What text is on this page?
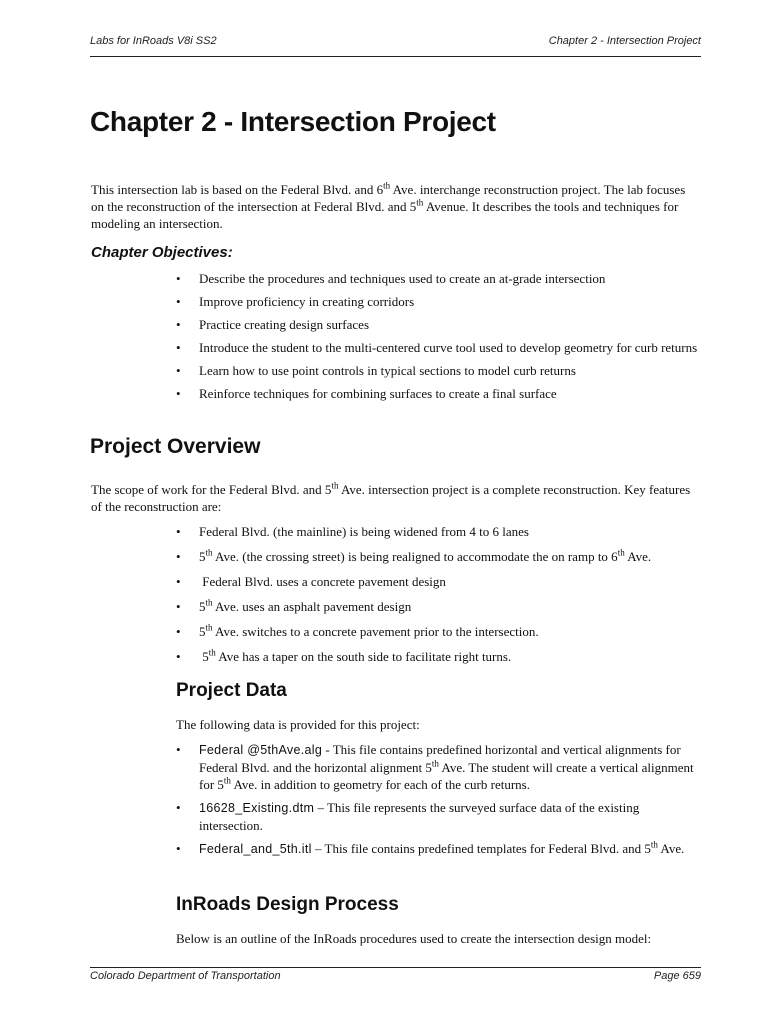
Labs for InRoads V8i SS2	Chapter 2 - Intersection Project
Chapter 2 - Intersection Project

This intersection lab is based on the Federal Blvd. and 6th Ave. interchange reconstruction project. The lab focuses on the reconstruction of the intersection at Federal Blvd. and 5th Avenue. It describes the tools and techniques for modeling an intersection.

Chapter Objectives:
• Describe the procedures and techniques used to create an at-grade intersection
• Improve proficiency in creating corridors
• Practice creating design surfaces
• Introduce the student to the multi-centered curve tool used to develop geometry for curb returns
• Learn how to use point controls in typical sections to model curb returns
• Reinforce techniques for combining surfaces to create a final surface
Project Overview

The scope of work for the Federal Blvd. and 5th Ave. intersection project is a complete reconstruction. Key features of the reconstruction are:

• Federal Blvd. (the mainline) is being widened from 4 to 6 lanes
• 5th Ave. (the crossing street) is being realigned to accommodate the on ramp to 6th Ave.
• Federal Blvd. uses a concrete pavement design
• 5th Ave. uses an asphalt pavement design
• 5th Ave. switches to a concrete pavement prior to the intersection.
• 5th Ave has a taper on the south side to facilitate right turns.
Project Data

The following data is provided for this project:

• Federal @5thAve.alg - This file contains predefined horizontal and vertical alignments for Federal Blvd. and the horizontal alignment 5th Ave. The student will create a vertical alignment for 5th Ave. in addition to geometry for each of the curb returns.
• 16628_Existing.dtm – This file represents the surveyed surface data of the existing intersection.
• Federal_and_5th.itl – This file contains predefined templates for Federal Blvd. and 5th Ave.
InRoads Design Process

Below is an outline of the InRoads procedures used to create the intersection design model:

Colorado Department of Transportation	Page 659
